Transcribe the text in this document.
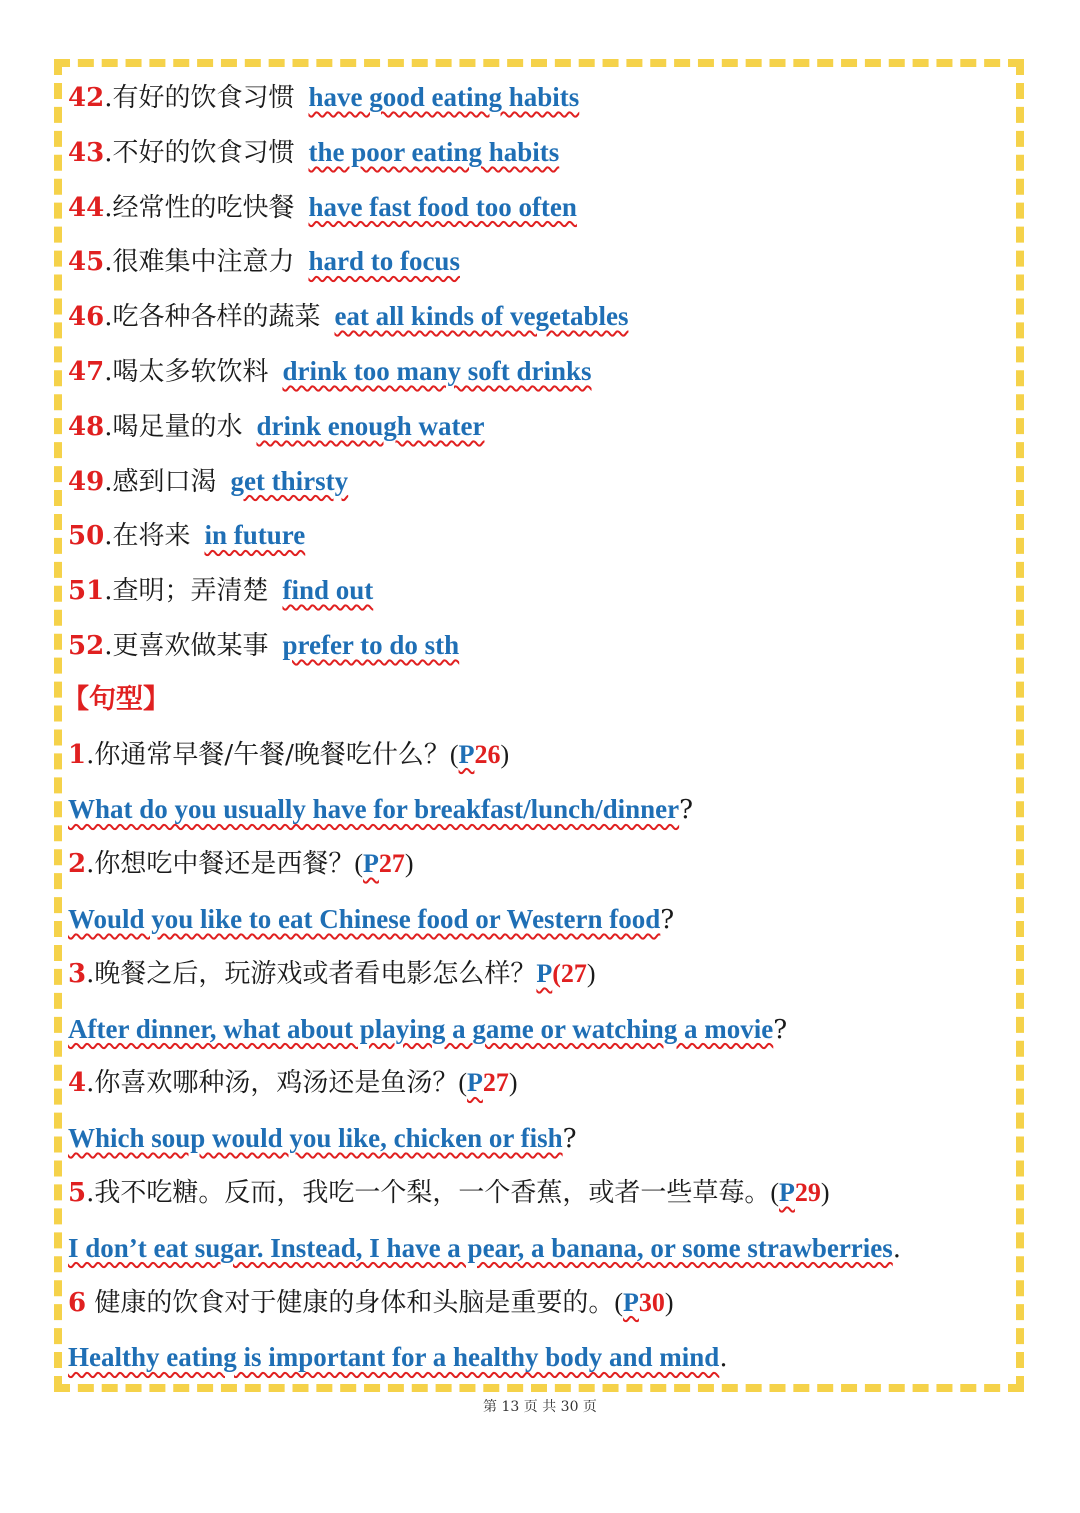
42.有好的饮食习惯 have good eating habits
43.不好的饮食习惯 the poor eating habits
44.经常性的吃快餐 have fast food too often
45.很难集中注意力 hard to focus
46.吃各种各样的蔬菜 eat all kinds of vegetables
47.喝太多软饮料 drink too many soft drinks
48.喝足量的水 drink enough water
49.感到口渴 get thirsty
50.在将来 in future
51.查明；弄清楚 find out
52.更喜欢做某事 prefer to do sth
【句型】
1.你通常早餐/午餐/晚餐吃什么？(P26)
What do you usually have for breakfast/lunch/dinner?
2.你想吃中餐还是西餐？(P27)
Would you like to eat Chinese food or Western food?
3.晚餐之后，玩游戏或者看电影怎么样？P(27)
After dinner, what about playing a game or watching a movie?
4.你喜欢哪种汤，鸡汤还是鱼汤？(P27)
Which soup would you like, chicken or fish?
5.我不吃糖。反而，我吃一个梨，一个香蕉，或者一些草莓。(P29)
I don’t eat sugar. Instead, I have a pear, a banana, or some strawberries.
6 健康的饮食对于健康的身体和头脑是重要的。(P30)
Healthy eating is important for a healthy body and mind.
第 13 页 共 30 页
